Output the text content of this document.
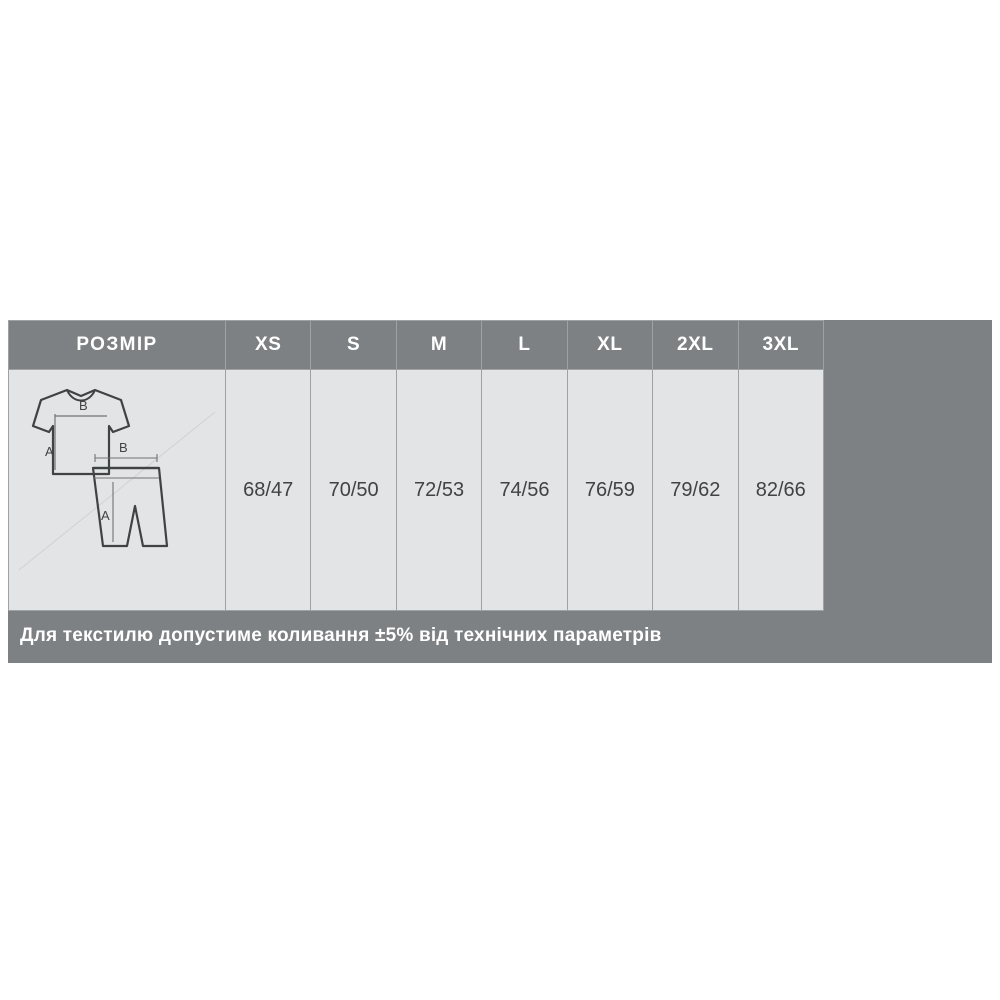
РОЗМІР	XS	S	M	L	XL	2XL	3XL

A
B
B
A	68/47	70/50	72/53	74/56	76/59	79/62	82/66
Для текстилю допустиме коливання ±5% від технічних параметрів
